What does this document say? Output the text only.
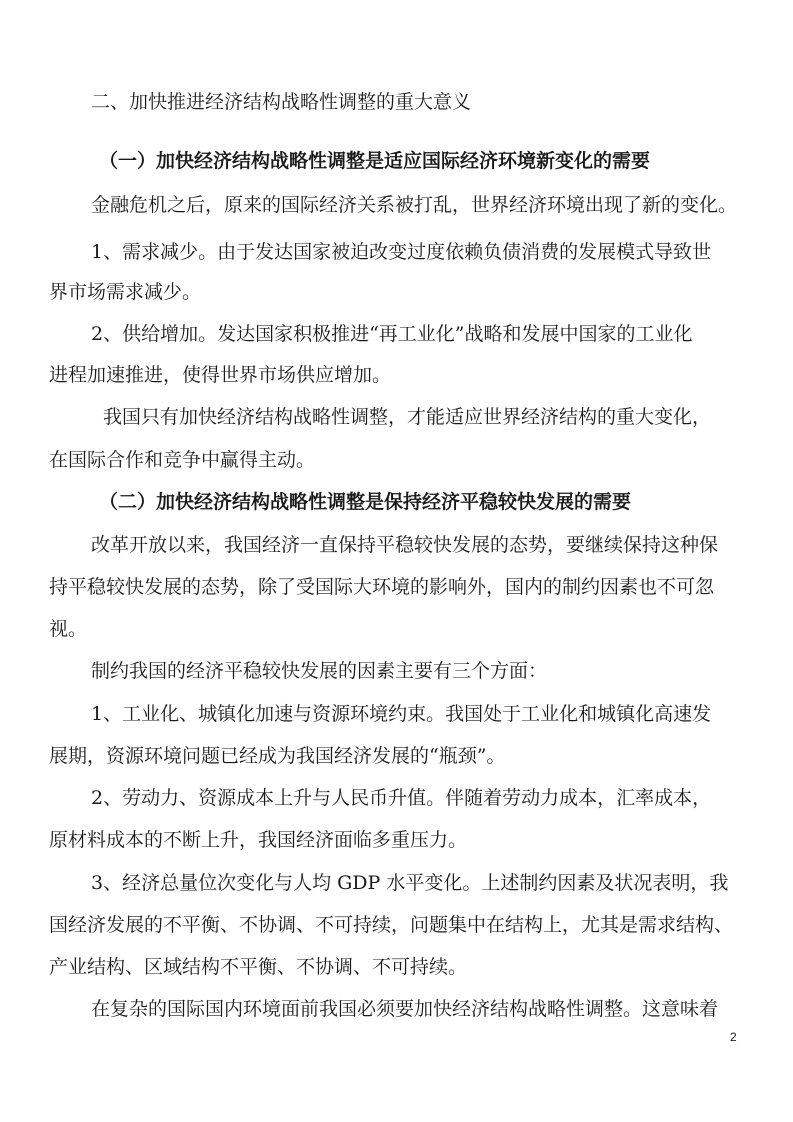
二、加快推进经济结构战略性调整的重大意义
（一）加快经济结构战略性调整是适应国际经济环境新变化的需要
金融危机之后，原来的国际经济关系被打乱，世界经济环境出现了新的变化。
1、需求减少。由于发达国家被迫改变过度依赖负债消费的发展模式导致世
界市场需求减少。
2、供给增加。发达国家积极推进“再工业化”战略和发展中国家的工业化
进程加速推进，使得世界市场供应增加。
我国只有加快经济结构战略性调整，才能适应世界经济结构的重大变化，
在国际合作和竞争中赢得主动。
（二）加快经济结构战略性调整是保持经济平稳较快发展的需要
改革开放以来，我国经济一直保持平稳较快发展的态势，要继续保持这种保
持平稳较快发展的态势，除了受国际大环境的影响外，国内的制约因素也不可忽
视。
制约我国的经济平稳较快发展的因素主要有三个方面：
1、工业化、城镇化加速与资源环境约束。我国处于工业化和城镇化高速发
展期，资源环境问题已经成为我国经济发展的“瓶颈”。
2、劳动力、资源成本上升与人民币升值。伴随着劳动力成本，汇率成本，
原材料成本的不断上升，我国经济面临多重压力。
3、经济总量位次变化与人均 GDP 水平变化。上述制约因素及状况表明，我
国经济发展的不平衡、不协调、不可持续，问题集中在结构上，尤其是需求结构、
产业结构、区域结构不平衡、不协调、不可持续。
在复杂的国际国内环境面前我国必须要加快经济结构战略性调整。这意味着
2
